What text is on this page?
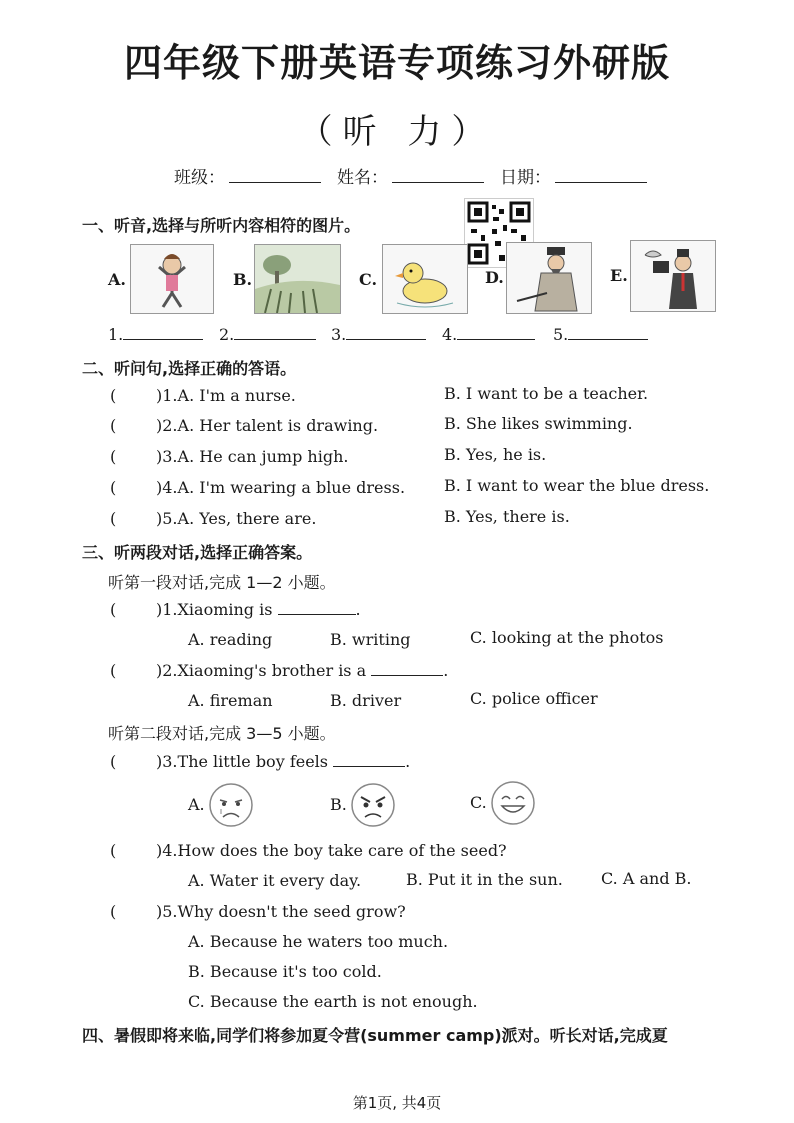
四年级下册英语专项练习外研版
（听 力）
班级：	姓名：	日期：
一、听音,选择与所听内容相符的图片。
A.	B.	C.	D.	E.
1.	2.	3.	4.	5.
二、听问句,选择正确的答语。
( )1.A. I'm a nurse.	B. I want to be a teacher.
( )2.A. Her talent is drawing.	B. She likes swimming.
( )3.A. He can jump high.	B. Yes, he is.
( )4.A. I'm wearing a blue dress. B. I want to wear the blue dress.
( )5.A. Yes, there are.	B. Yes, there is.
三、听两段对话,选择正确答案。
听第一段对话,完成 1—2 小题。
( )1.Xiaoming is	.
A. reading	B. writing	C. looking at the photos
( )2.Xiaoming's brother is a	.
A. fireman	B. driver	C. police officer
听第二段对话,完成 3—5 小题。
( )3.The little boy feels	.
A.	B.	C.
( )4.How does the boy take care of the seed?
A. Water it every day.	B. Put it in the sun. C. A and B.
( )5.Why doesn't the seed grow?
A. Because he waters too much.
B. Because it's too cold.
C. Because the earth is not enough.
四、暑假即将来临,同学们将参加夏令营(summer camp)派对。听长对话,完成夏
第1页, 共4页
